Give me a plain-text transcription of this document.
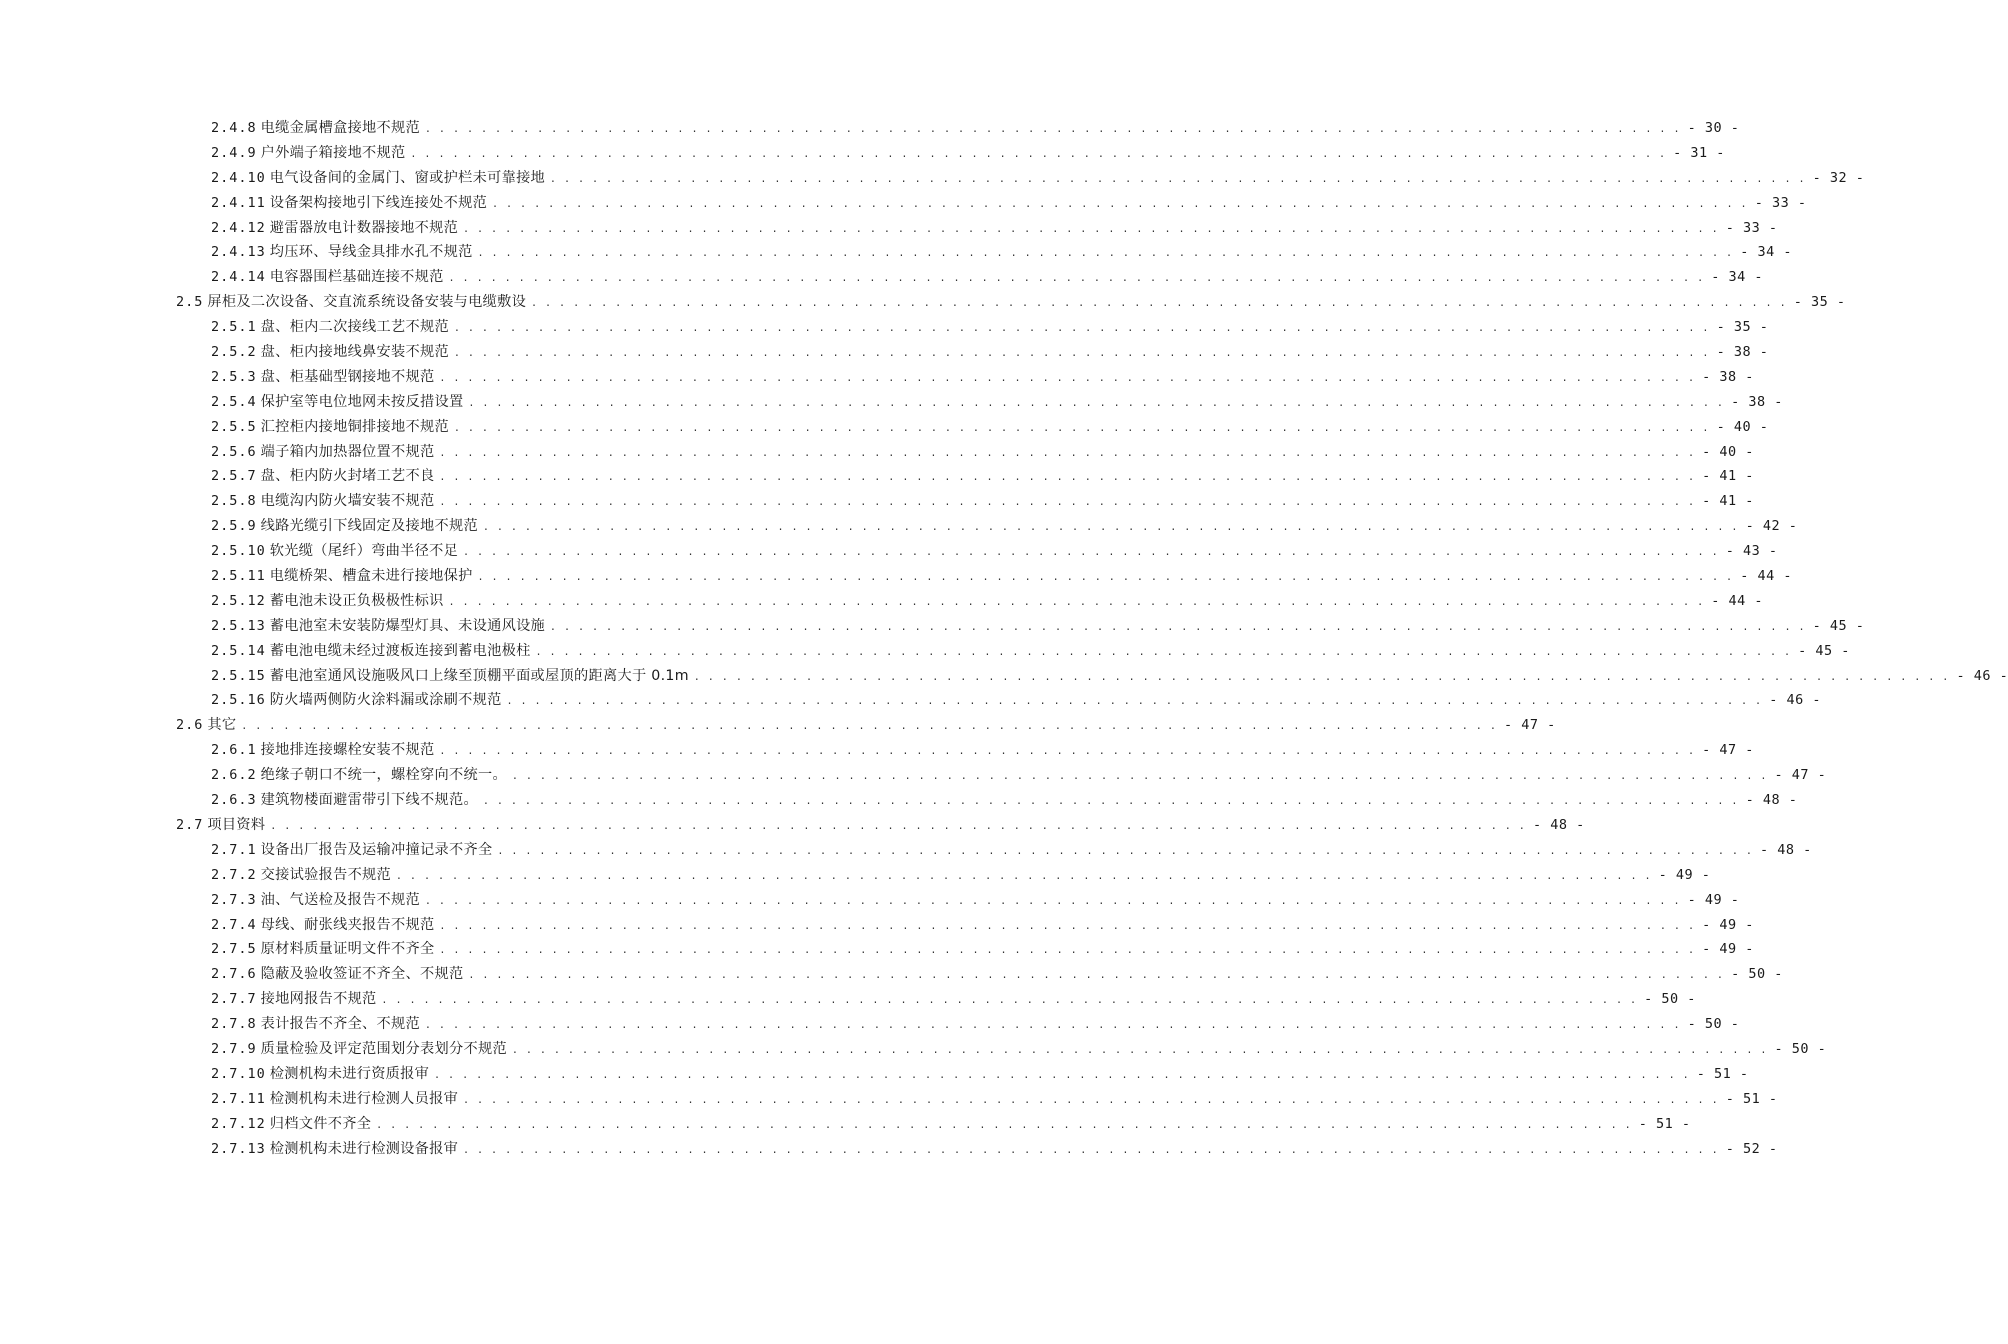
2.4.8 电缆金属槽盒接地不规范 . . . . . . . . . . . . . . . . . . . . . . . . . . . . . . . . . . . . . . . . . . . . . . . . . . . . . . . . . . . . . . . . . . . . . . . . . . . . . . . . . . . . . . . . . . - 30 -
2.4.9 户外端子箱接地不规范 . . . . . . . . . . . . . . . . . . . . . . . . . . . . . . . . . . . . . . . . . . . . . . . . . . . . . . . . . . . . . . . . . . . . . . . . . . . . . . . . . . . . . . . . . . - 31 -
2.4.10 电气设备间的金属门、窗或护栏未可靠接地 . . . . . . . . . . . . . . . . . . . . . . . . . . . . . . . . . . . . . . . . . . . . . . . . . . . . . . . . . . . . . . . . . . . . . . . . . . . . . . . . . . . . . . . . . . - 32 -
2.4.11 设备架构接地引下线连接处不规范 . . . . . . . . . . . . . . . . . . . . . . . . . . . . . . . . . . . . . . . . . . . . . . . . . . . . . . . . . . . . . . . . . . . . . . . . . . . . . . . . . . . . . . . . . . - 33 -
2.4.12 避雷器放电计数器接地不规范 . . . . . . . . . . . . . . . . . . . . . . . . . . . . . . . . . . . . . . . . . . . . . . . . . . . . . . . . . . . . . . . . . . . . . . . . . . . . . . . . . . . . . . . . . . - 33 -
2.4.13 均压环、导线金具排水孔不规范 . . . . . . . . . . . . . . . . . . . . . . . . . . . . . . . . . . . . . . . . . . . . . . . . . . . . . . . . . . . . . . . . . . . . . . . . . . . . . . . . . . . . . . . . . . - 34 -
2.4.14 电容器围栏基础连接不规范 . . . . . . . . . . . . . . . . . . . . . . . . . . . . . . . . . . . . . . . . . . . . . . . . . . . . . . . . . . . . . . . . . . . . . . . . . . . . . . . . . . . . . . . . . . - 34 -
2.5 屏柜及二次设备、交直流系统设备安装与电缆敷设 . . . . . . . . . . . . . . . . . . . . . . . . . . . . . . . . . . . . . . . . . . . . . . . . . . . . . . . . . . . . . . . . . . . . . . . . . . . . . . . . . . . . . . . . . . - 35 -
2.5.1 盘、柜内二次接线工艺不规范 . . . . . . . . . . . . . . . . . . . . . . . . . . . . . . . . . . . . . . . . . . . . . . . . . . . . . . . . . . . . . . . . . . . . . . . . . . . . . . . . . . . . . . . . . . - 35 -
2.5.2 盘、柜内接地线鼻安装不规范 . . . . . . . . . . . . . . . . . . . . . . . . . . . . . . . . . . . . . . . . . . . . . . . . . . . . . . . . . . . . . . . . . . . . . . . . . . . . . . . . . . . . . . . . . . - 38 -
2.5.3 盘、柜基础型钢接地不规范 . . . . . . . . . . . . . . . . . . . . . . . . . . . . . . . . . . . . . . . . . . . . . . . . . . . . . . . . . . . . . . . . . . . . . . . . . . . . . . . . . . . . . . . . . . - 38 -
2.5.4 保护室等电位地网未按反措设置 . . . . . . . . . . . . . . . . . . . . . . . . . . . . . . . . . . . . . . . . . . . . . . . . . . . . . . . . . . . . . . . . . . . . . . . . . . . . . . . . . . . . . . . . . . - 38 -
2.5.5 汇控柜内接地铜排接地不规范 . . . . . . . . . . . . . . . . . . . . . . . . . . . . . . . . . . . . . . . . . . . . . . . . . . . . . . . . . . . . . . . . . . . . . . . . . . . . . . . . . . . . . . . . . . - 40 -
2.5.6 端子箱内加热器位置不规范 . . . . . . . . . . . . . . . . . . . . . . . . . . . . . . . . . . . . . . . . . . . . . . . . . . . . . . . . . . . . . . . . . . . . . . . . . . . . . . . . . . . . . . . . . . - 40 -
2.5.7 盘、柜内防火封堵工艺不良 . . . . . . . . . . . . . . . . . . . . . . . . . . . . . . . . . . . . . . . . . . . . . . . . . . . . . . . . . . . . . . . . . . . . . . . . . . . . . . . . . . . . . . . . . . - 41 -
2.5.8 电缆沟内防火墙安装不规范 . . . . . . . . . . . . . . . . . . . . . . . . . . . . . . . . . . . . . . . . . . . . . . . . . . . . . . . . . . . . . . . . . . . . . . . . . . . . . . . . . . . . . . . . . . - 41 -
2.5.9 线路光缆引下线固定及接地不规范 . . . . . . . . . . . . . . . . . . . . . . . . . . . . . . . . . . . . . . . . . . . . . . . . . . . . . . . . . . . . . . . . . . . . . . . . . . . . . . . . . . . . . . . . . . - 42 -
2.5.10 软光缆（尾纤）弯曲半径不足 . . . . . . . . . . . . . . . . . . . . . . . . . . . . . . . . . . . . . . . . . . . . . . . . . . . . . . . . . . . . . . . . . . . . . . . . . . . . . . . . . . . . . . . . . . - 43 -
2.5.11 电缆桥架、槽盒未进行接地保护 . . . . . . . . . . . . . . . . . . . . . . . . . . . . . . . . . . . . . . . . . . . . . . . . . . . . . . . . . . . . . . . . . . . . . . . . . . . . . . . . . . . . . . . . . . - 44 -
2.5.12 蓄电池未设正负极极性标识 . . . . . . . . . . . . . . . . . . . . . . . . . . . . . . . . . . . . . . . . . . . . . . . . . . . . . . . . . . . . . . . . . . . . . . . . . . . . . . . . . . . . . . . . . . - 44 -
2.5.13 蓄电池室未安装防爆型灯具、未设通风设施 . . . . . . . . . . . . . . . . . . . . . . . . . . . . . . . . . . . . . . . . . . . . . . . . . . . . . . . . . . . . . . . . . . . . . . . . . . . . . . . . . . . . . . . . . . - 45 -
2.5.14 蓄电池电缆未经过渡板连接到蓄电池极柱 . . . . . . . . . . . . . . . . . . . . . . . . . . . . . . . . . . . . . . . . . . . . . . . . . . . . . . . . . . . . . . . . . . . . . . . . . . . . . . . . . . . . . . . . . . - 45 -
2.5.15 蓄电池室通风设施吸风口上缘至顶棚平面或屋顶的距离大于 0.1m . . . . . . . . . . . . . . . . . . . . . . . . . . . . . . . . . . . . . . . . . . . . . . . . . . . . . . . . . . . . . . . . . . . . . . . . . . . . . . . . . . . . . . . . . . - 46 -
2.5.16 防火墙两侧防火涂料漏或涂刷不规范 . . . . . . . . . . . . . . . . . . . . . . . . . . . . . . . . . . . . . . . . . . . . . . . . . . . . . . . . . . . . . . . . . . . . . . . . . . . . . . . . . . . . . . . . . . - 46 -
2.6 其它 . . . . . . . . . . . . . . . . . . . . . . . . . . . . . . . . . . . . . . . . . . . . . . . . . . . . . . . . . . . . . . . . . . . . . . . . . . . . . . . . . . . . . . . . . . - 47 -
2.6.1 接地排连接螺栓安装不规范 . . . . . . . . . . . . . . . . . . . . . . . . . . . . . . . . . . . . . . . . . . . . . . . . . . . . . . . . . . . . . . . . . . . . . . . . . . . . . . . . . . . . . . . . . . - 47 -
2.6.2 绝缘子朝口不统一，螺栓穿向不统一。 . . . . . . . . . . . . . . . . . . . . . . . . . . . . . . . . . . . . . . . . . . . . . . . . . . . . . . . . . . . . . . . . . . . . . . . . . . . . . . . . . . . . . . . . . . - 47 -
2.6.3 建筑物楼面避雷带引下线不规范。 . . . . . . . . . . . . . . . . . . . . . . . . . . . . . . . . . . . . . . . . . . . . . . . . . . . . . . . . . . . . . . . . . . . . . . . . . . . . . . . . . . . . . . . . . . - 48 -
2.7 项目资料 . . . . . . . . . . . . . . . . . . . . . . . . . . . . . . . . . . . . . . . . . . . . . . . . . . . . . . . . . . . . . . . . . . . . . . . . . . . . . . . . . . . . . . . . . . - 48 -
2.7.1 设备出厂报告及运输冲撞记录不齐全 . . . . . . . . . . . . . . . . . . . . . . . . . . . . . . . . . . . . . . . . . . . . . . . . . . . . . . . . . . . . . . . . . . . . . . . . . . . . . . . . . . . . . . . . . . - 48 -
2.7.2 交接试验报告不规范 . . . . . . . . . . . . . . . . . . . . . . . . . . . . . . . . . . . . . . . . . . . . . . . . . . . . . . . . . . . . . . . . . . . . . . . . . . . . . . . . . . . . . . . . . . - 49 -
2.7.3 油、气送检及报告不规范 . . . . . . . . . . . . . . . . . . . . . . . . . . . . . . . . . . . . . . . . . . . . . . . . . . . . . . . . . . . . . . . . . . . . . . . . . . . . . . . . . . . . . . . . . . - 49 -
2.7.4 母线、耐张线夹报告不规范 . . . . . . . . . . . . . . . . . . . . . . . . . . . . . . . . . . . . . . . . . . . . . . . . . . . . . . . . . . . . . . . . . . . . . . . . . . . . . . . . . . . . . . . . . . - 49 -
2.7.5 原材料质量证明文件不齐全 . . . . . . . . . . . . . . . . . . . . . . . . . . . . . . . . . . . . . . . . . . . . . . . . . . . . . . . . . . . . . . . . . . . . . . . . . . . . . . . . . . . . . . . . . . - 49 -
2.7.6 隐蔽及验收签证不齐全、不规范 . . . . . . . . . . . . . . . . . . . . . . . . . . . . . . . . . . . . . . . . . . . . . . . . . . . . . . . . . . . . . . . . . . . . . . . . . . . . . . . . . . . . . . . . . . - 50 -
2.7.7 接地网报告不规范 . . . . . . . . . . . . . . . . . . . . . . . . . . . . . . . . . . . . . . . . . . . . . . . . . . . . . . . . . . . . . . . . . . . . . . . . . . . . . . . . . . . . . . . . . . - 50 -
2.7.8 表计报告不齐全、不规范 . . . . . . . . . . . . . . . . . . . . . . . . . . . . . . . . . . . . . . . . . . . . . . . . . . . . . . . . . . . . . . . . . . . . . . . . . . . . . . . . . . . . . . . . . . - 50 -
2.7.9 质量检验及评定范围划分表划分不规范 . . . . . . . . . . . . . . . . . . . . . . . . . . . . . . . . . . . . . . . . . . . . . . . . . . . . . . . . . . . . . . . . . . . . . . . . . . . . . . . . . . . . . . . . . . - 50 -
2.7.10 检测机构未进行资质报审 . . . . . . . . . . . . . . . . . . . . . . . . . . . . . . . . . . . . . . . . . . . . . . . . . . . . . . . . . . . . . . . . . . . . . . . . . . . . . . . . . . . . . . . . . . - 51 -
2.7.11 检测机构未进行检测人员报审 . . . . . . . . . . . . . . . . . . . . . . . . . . . . . . . . . . . . . . . . . . . . . . . . . . . . . . . . . . . . . . . . . . . . . . . . . . . . . . . . . . . . . . . . . . - 51 -
2.7.12 归档文件不齐全 . . . . . . . . . . . . . . . . . . . . . . . . . . . . . . . . . . . . . . . . . . . . . . . . . . . . . . . . . . . . . . . . . . . . . . . . . . . . . . . . . . . . . . . . . . - 51 -
2.7.13 检测机构未进行检测设备报审 . . . . . . . . . . . . . . . . . . . . . . . . . . . . . . . . . . . . . . . . . . . . . . . . . . . . . . . . . . . . . . . . . . . . . . . . . . . . . . . . . . . . . . . . . . - 52 -
